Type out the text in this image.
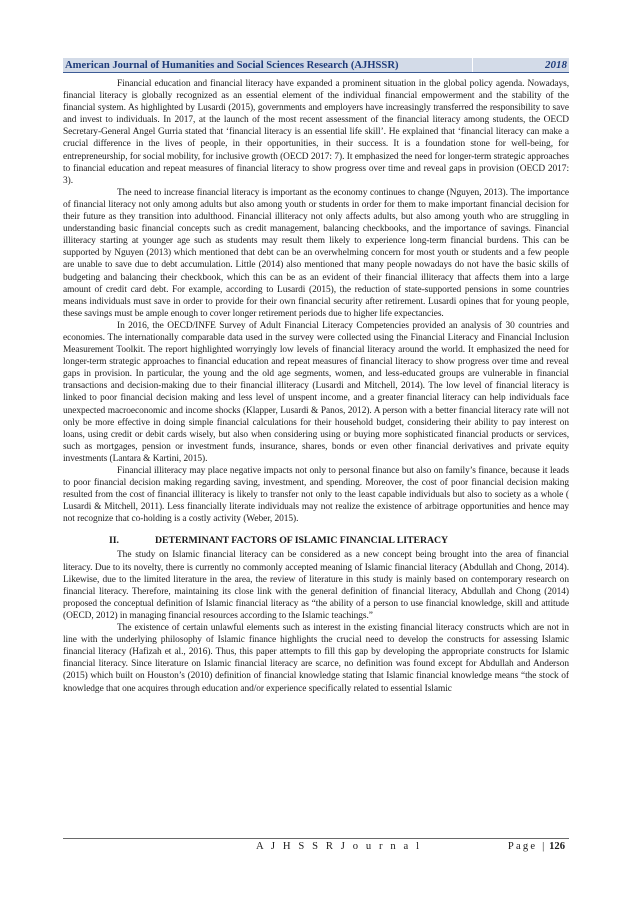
American Journal of Humanities and Social Sciences Research (AJHSSR)	2018

Financial education and financial literacy have expanded a prominent situation in the global policy agenda. Nowadays, financial literacy is globally recognized as an essential element of the individual financial empowerment and the stability of the financial system. As highlighted by Lusardi (2015), governments and employers have increasingly transferred the responsibility to save and invest to individuals. In 2017, at the launch of the most recent assessment of the financial literacy among students, the OECD Secretary-General Angel Gurria stated that ‘financial literacy is an essential life skill’. He explained that ‘financial literacy can make a crucial difference in the lives of people, in their opportunities, in their success. It is a foundation stone for well-being, for entrepreneurship, for social mobility, for inclusive growth (OECD 2017: 7). It emphasized the need for longer-term strategic approaches to financial education and repeat measures of financial literacy to show progress over time and reveal gaps in provision (OECD 2017: 3).

The need to increase financial literacy is important as the economy continues to change (Nguyen, 2013). The importance of financial literacy not only among adults but also among youth or students in order for them to make important financial decision for their future as they transition into adulthood. Financial illiteracy not only affects adults, but also among youth who are struggling in understanding basic financial concepts such as credit management, balancing checkbooks, and the importance of savings. Financial illiteracy starting at younger age such as students may result them likely to experience long-term financial burdens. This can be supported by Nguyen (2013) which mentioned that debt can be an overwhelming concern for most youth or students and a few people are unable to save due to debt accumulation. Little (2014) also mentioned that many people nowadays do not have the basic skills of budgeting and balancing their checkbook, which this can be as an evident of their financial illiteracy that affects them into a large amount of credit card debt. For example, according to Lusardi (2015), the reduction of state-supported pensions in some countries means individuals must save in order to provide for their own financial security after retirement. Lusardi opines that for young people, these savings must be ample enough to cover longer retirement periods due to higher life expectancies.

In 2016, the OECD/INFE Survey of Adult Financial Literacy Competencies provided an analysis of 30 countries and economies. The internationally comparable data used in the survey were collected using the Financial Literacy and Financial Inclusion Measurement Toolkit. The report highlighted worryingly low levels of financial literacy around the world. It emphasized the need for longer-term strategic approaches to financial education and repeat measures of financial literacy to show progress over time and reveal gaps in provision. In particular, the young and the old age segments, women, and less-educated groups are vulnerable in financial transactions and decision-making due to their financial illiteracy (Lusardi and Mitchell, 2014). The low level of financial literacy is linked to poor financial decision making and less level of unspent income, and a greater financial literacy can help individuals face unexpected macroeconomic and income shocks (Klapper, Lusardi & Panos, 2012). A person with a better financial literacy rate will not only be more effective in doing simple financial calculations for their household budget, considering their ability to pay interest on loans, using credit or debit cards wisely, but also when considering using or buying more sophisticated financial products or services, such as mortgages, pension or investment funds, insurance, shares, bonds or even other financial derivatives and private equity investments (Lantara & Kartini, 2015).

Financial illiteracy may place negative impacts not only to personal finance but also on family’s finance, because it leads to poor financial decision making regarding saving, investment, and spending. Moreover, the cost of poor financial decision making resulted from the cost of financial illiteracy is likely to transfer not only to the least capable individuals but also to society as a whole ( Lusardi & Mitchell, 2011). Less financially literate individuals may not realize the existence of arbitrage opportunities and hence may not recognize that co-holding is a costly activity (Weber, 2015).

II.	DETERMINANT FACTORS OF ISLAMIC FINANCIAL LITERACY

The study on Islamic financial literacy can be considered as a new concept being brought into the area of financial literacy. Due to its novelty, there is currently no commonly accepted meaning of Islamic financial literacy (Abdullah and Chong, 2014). Likewise, due to the limited literature in the area, the review of literature in this study is mainly based on contemporary research on financial literacy. Therefore, maintaining its close link with the general definition of financial literacy, Abdullah and Chong (2014) proposed the conceptual definition of Islamic financial literacy as “the ability of a person to use financial knowledge, skill and attitude (OECD, 2012) in managing financial resources according to the Islamic teachings.”

The existence of certain unlawful elements such as interest in the existing financial literacy constructs which are not in line with the underlying philosophy of Islamic finance highlights the crucial need to develop the constructs for assessing Islamic financial literacy (Hafizah et al., 2016). Thus, this paper attempts to fill this gap by developing the appropriate constructs for Islamic financial literacy. Since literature on Islamic financial literacy are scarce, no definition was found except for Abdullah and Anderson (2015) which built on Houston’s (2010) definition of financial knowledge stating that Islamic financial knowledge means “the stock of knowledge that one acquires through education and/or experience specifically related to essential Islamic

A J H S S R J o u r n a l	Page | 126
